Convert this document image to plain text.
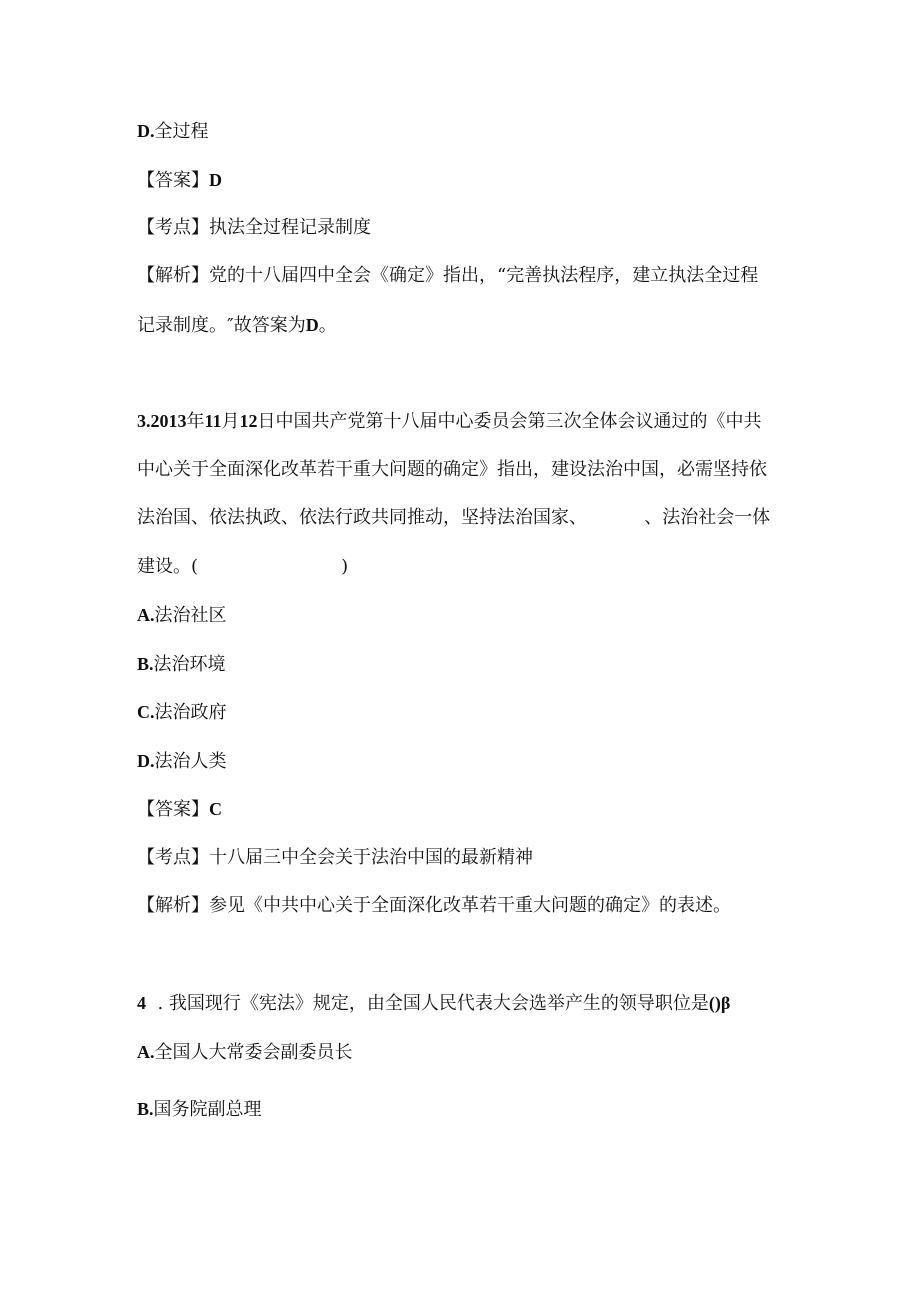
D.全过程

【答案】D

【考点】执法全过程记录制度

【解析】党的十八届四中全会《确定》指出，“完善执法程序，建立执法全过程

记录制度。″故答案为D。

3.2013年11月12日中国共产党第十八届中心委员会第三次全体会议通过的《中共

中心关于全面深化改革若干重大问题的确定》指出，建设法治中国，必需坚持依

法治国、依法执政、依法行政共同推动，坚持法治国家、          、法治社会一体

建设。(                         )

A.法治社区

B.法治环境

C.法治政府

D.法治人类

【答案】C

【考点】十八届三中全会关于法治中国的最新精神

【解析】参见《中共中心关于全面深化改革若干重大问题的确定》的表述。

4  . 我国现行《宪法》规定，由全国人民代表大会选举产生的领导职位是()β

A.全国人大常委会副委员长

B.国务院副总理
